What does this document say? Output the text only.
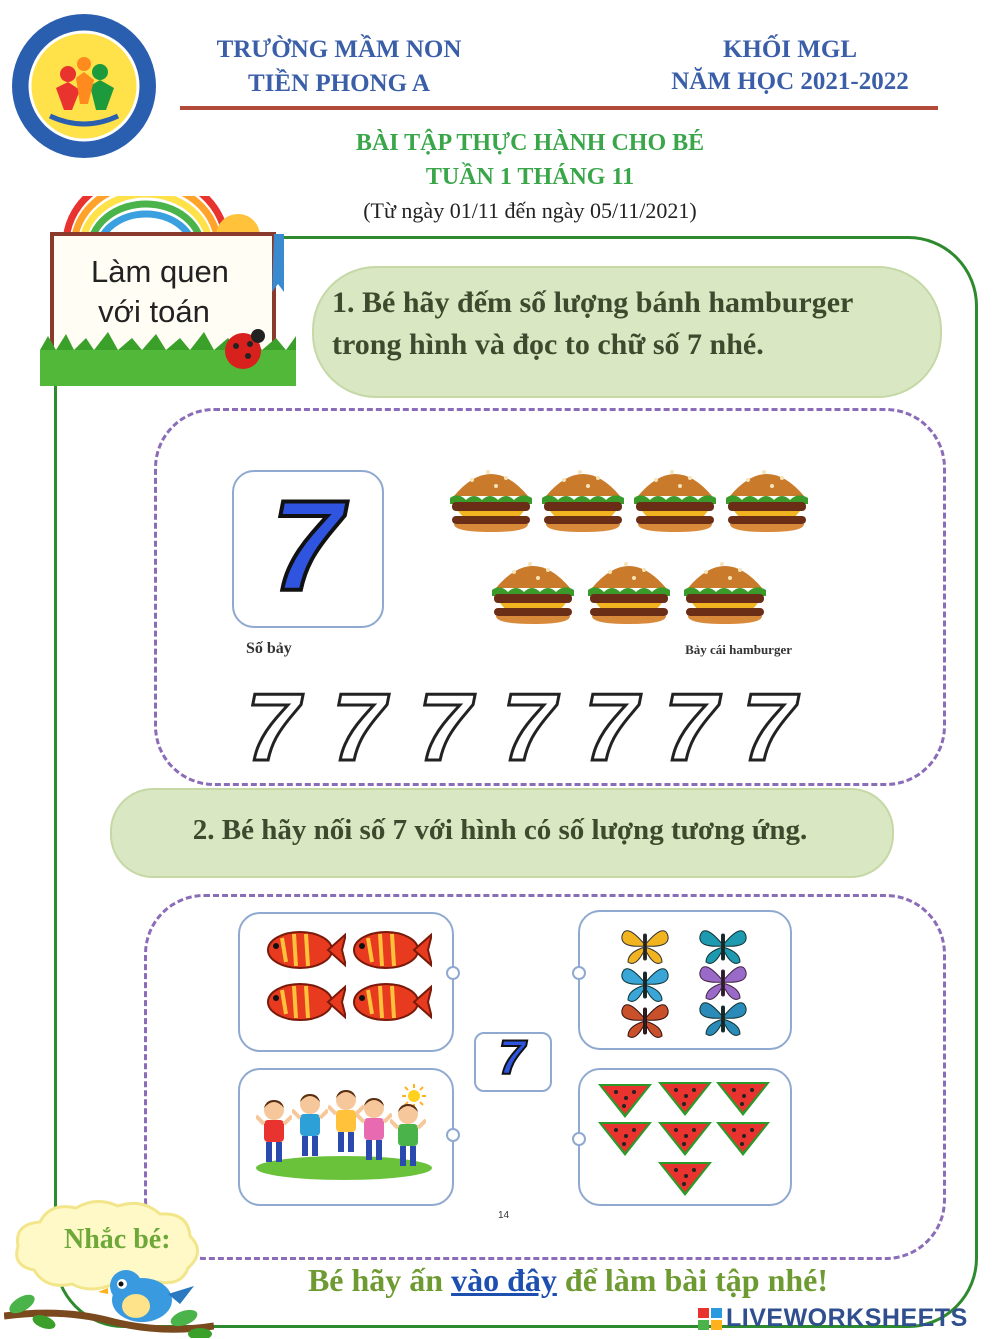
TRƯỜNG MẦM NON
TIỀN PHONG A
KHỐI MGL
NĂM HỌC 2021-2022
BÀI TẬP THỰC HÀNH CHO BÉ
TUẦN 1 THÁNG 11
(Từ ngày 01/11 đến ngày 05/11/2021)
Làm quen
với toán	1. Bé hãy đếm số lượng bánh hamburger
trong hình và đọc to chữ số 7 nhé.
7
Số bảy	Bảy cái hamburger
7 7 7 7 7 7 7
2. Bé hãy nối số 7 với hình có số lượng tương ứng.
7
14
Nhắc bé:
Bé hãy ấn vào đây để làm bài tập nhé!
LIVEWORKSHEETS
